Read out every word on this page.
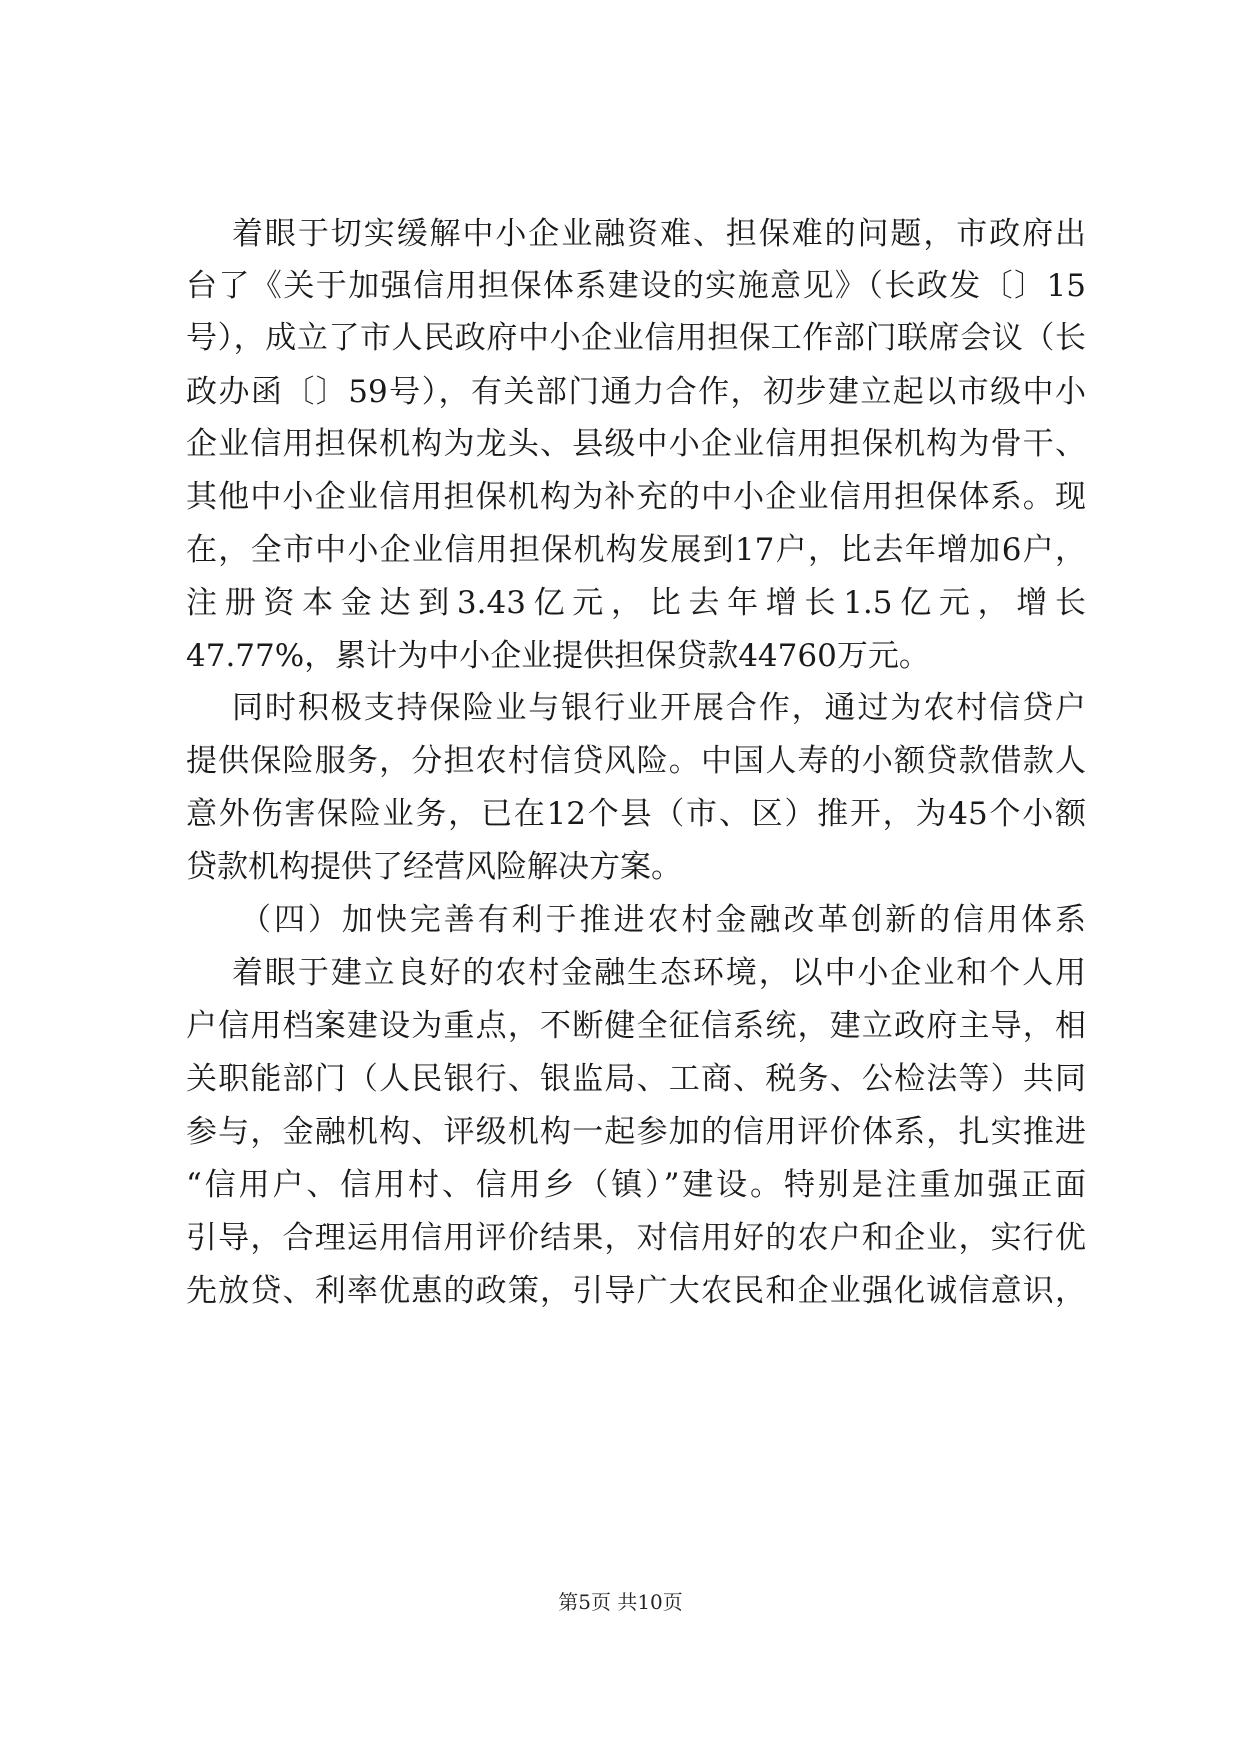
着眼于切实缓解中小企业融资难、担保难的问题，市政府出
台了《关于加强信用担保体系建设的实施意见》（长政发〔〕15
号），成立了市人民政府中小企业信用担保工作部门联席会议（长
政办函〔〕59号），有关部门通力合作，初步建立起以市级中小
企业信用担保机构为龙头、县级中小企业信用担保机构为骨干、
其他中小企业信用担保机构为补充的中小企业信用担保体系。现
在，全市中小企业信用担保机构发展到17户，比去年增加6户，
注册资本金达到3.43亿元，比去年增长1.5亿元，增长
47.77%，累计为中小企业提供担保贷款44760万元。
同时积极支持保险业与银行业开展合作，通过为农村信贷户
提供保险服务，分担农村信贷风险。中国人寿的小额贷款借款人
意外伤害保险业务，已在12个县（市、区）推开，为45个小额
贷款机构提供了经营风险解决方案。
（四）加快完善有利于推进农村金融改革创新的信用体系
着眼于建立良好的农村金融生态环境，以中小企业和个人用
户信用档案建设为重点，不断健全征信系统，建立政府主导，相
关职能部门（人民银行、银监局、工商、税务、公检法等）共同
参与，金融机构、评级机构一起参加的信用评价体系，扎实推进
“信用户、信用村、信用乡（镇）”建设。特别是注重加强正面
引导，合理运用信用评价结果，对信用好的农户和企业，实行优
先放贷、利率优惠的政策，引导广大农民和企业强化诚信意识，
第5页 共10页
